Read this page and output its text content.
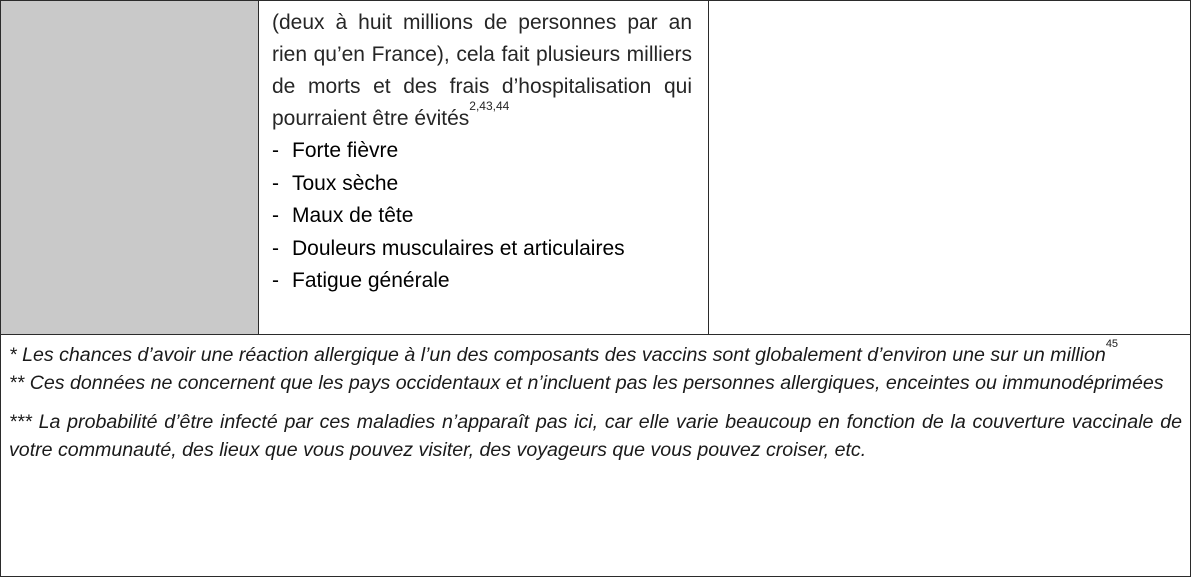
(deux à huit millions de personnes par an rien qu’en France), cela fait plusieurs milliers de morts et des frais d’hospitalisation qui pourraient être évités$^{2,43,44}$

- Forte fièvre
- Toux sèche
- Maux de tête
- Douleurs musculaires et articulaires
- Fatigue générale

* Les chances d’avoir une réaction allergique à l’un des composants des vaccins sont globalement d’environ une sur un million$^{45}$

** Ces données ne concernent que les pays occidentaux et n’incluent pas les personnes allergiques, enceintes ou immunodéprimées

*** La probabilité d’être infecté par ces maladies n’apparaît pas ici, car elle varie beaucoup en fonction de la couverture vaccinale de votre communauté, des lieux que vous pouvez visiter, des voyageurs que vous pouvez croiser, etc.
